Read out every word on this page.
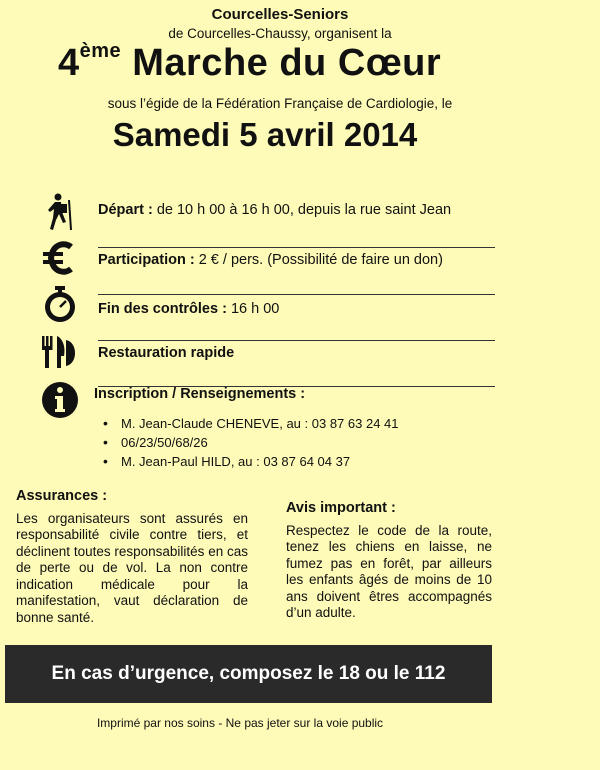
Courcelles-Seniors
de Courcelles-Chaussy, organisent la
4ème Marche du Cœur
sous l’égide de la Fédération Française de Cardiologie, le
Samedi 5 avril 2014
Départ : de 10 h 00 à 16 h 00, depuis la rue saint Jean
Participation : 2 € / pers. (Possibilité de faire un don)
Fin des contrôles : 16 h 00
Restauration rapide
Inscription / Renseignements :
• M. Jean-Claude CHENEVE, au : 03 87 63 24 41
• 06/23/50/68/26
• M. Jean-Paul HILD, au : 03 87 64 04 37
Assurances :
Les organisateurs sont assurés en responsabilité civile contre tiers, et déclinent toutes responsabilités en cas de perte ou de vol. La non contre indication médicale pour la manifestation, vaut déclaration de bonne santé.
Avis important :
Respectez le code de la route, tenez les chiens en laisse, ne fumez pas en forêt, par ailleurs les enfants âgés de moins de 10 ans doivent êtres accompagnés d’un adulte.
En cas d’urgence, composez le 18 ou le 112
Imprimé par nos soins - Ne pas jeter sur la voie public
